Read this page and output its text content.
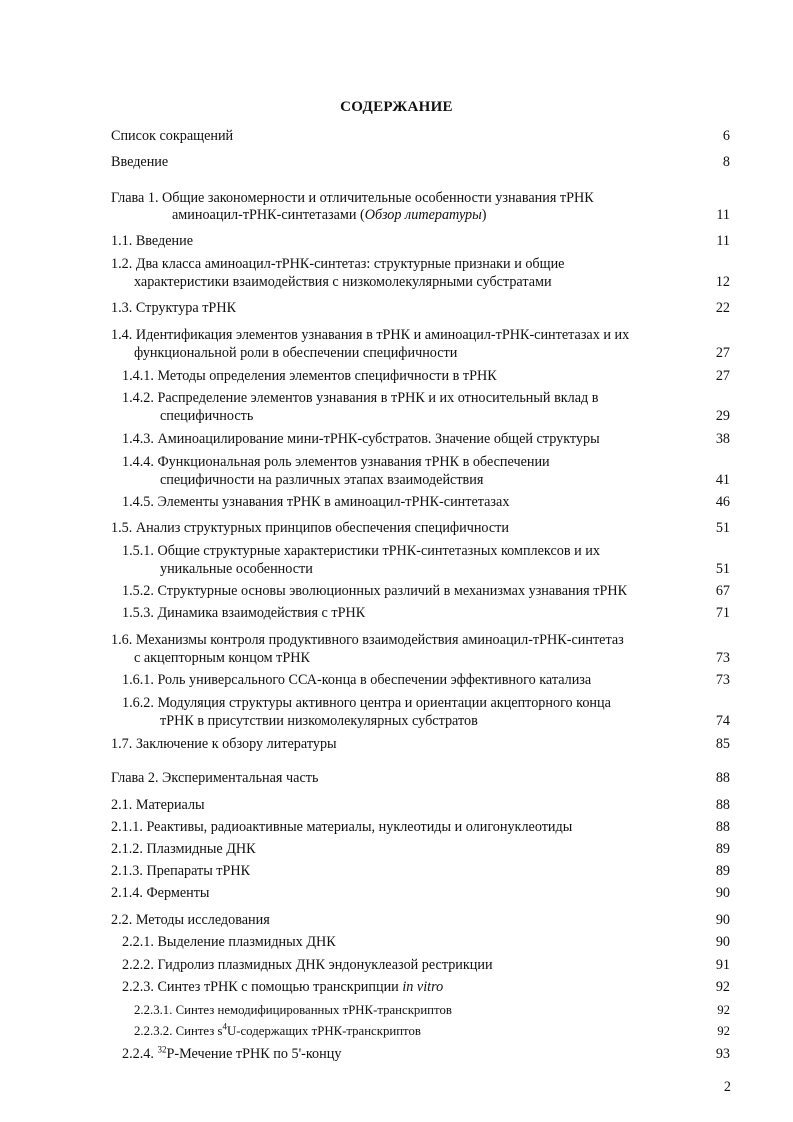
СОДЕРЖАНИЕ
Список сокращений	6
Введение	8
Глава 1. Общие закономерности и отличительные особенности узнавания тРНК
аминоацил-тРНК-синтетазами (Обзор литературы)	11
1.1. Введение	11
1.2. Два класса аминоацил-тРНК-синтетаз: структурные признаки и общие
характеристики взаимодействия с низкомолекулярными субстратами	12
1.3. Структура тРНК	22
1.4. Идентификация элементов узнавания в тРНК и аминоацил-тРНК-синтетазах и их
функциональной роли в обеспечении специфичности	27
1.4.1. Методы определения элементов специфичности в тРНК	27
1.4.2. Распределение элементов узнавания в тРНК и их относительный вклад в
специфичность	29
1.4.3. Аминоацилирование мини-тРНК-субстратов. Значение общей структуры	38
1.4.4. Функциональная роль элементов узнавания тРНК в обеспечении
специфичности на различных этапах взаимодействия	41
1.4.5. Элементы узнавания тРНК в аминоацил-тРНК-синтетазах	46
1.5. Анализ структурных принципов обеспечения специфичности	51
1.5.1. Общие структурные характеристики тРНК-синтетазных комплексов и их
уникальные особенности	51
1.5.2. Структурные основы эволюционных различий в механизмах узнавания тРНК	67
1.5.3. Динамика взаимодействия с тРНК	71
1.6. Механизмы контроля продуктивного взаимодействия аминоацил-тРНК-синтетаз
с акцепторным концом тРНК	73
1.6.1. Роль универсального ССА-конца в обеспечении эффективного катализа	73
1.6.2. Модуляция структуры активного центра и ориентации акцепторного конца
тРНК в присутствии низкомолекулярных субстратов	74
1.7. Заключение к обзору литературы	85
Глава 2. Экспериментальная часть	88
2.1. Материалы	88
2.1.1. Реактивы, радиоактивные материалы, нуклеотиды и олигонуклеотиды	88
2.1.2. Плазмидные ДНК	89
2.1.3. Препараты тРНК	89
2.1.4. Ферменты	90
2.2. Методы исследования	90
2.2.1. Выделение плазмидных ДНК	90
2.2.2. Гидролиз плазмидных ДНК эндонуклеазой рестрикции	91
2.2.3. Синтез тРНК с помощью транскрипции in vitro	92
2.2.3.1. Синтез немодифицированных тРНК-транскриптов	92
2.2.3.2. Синтез $s^4U$-содержащих тРНК-транскриптов	92
2.2.4. $^{32}$Р-Мечение тРНК по 5'-концу	93
2
